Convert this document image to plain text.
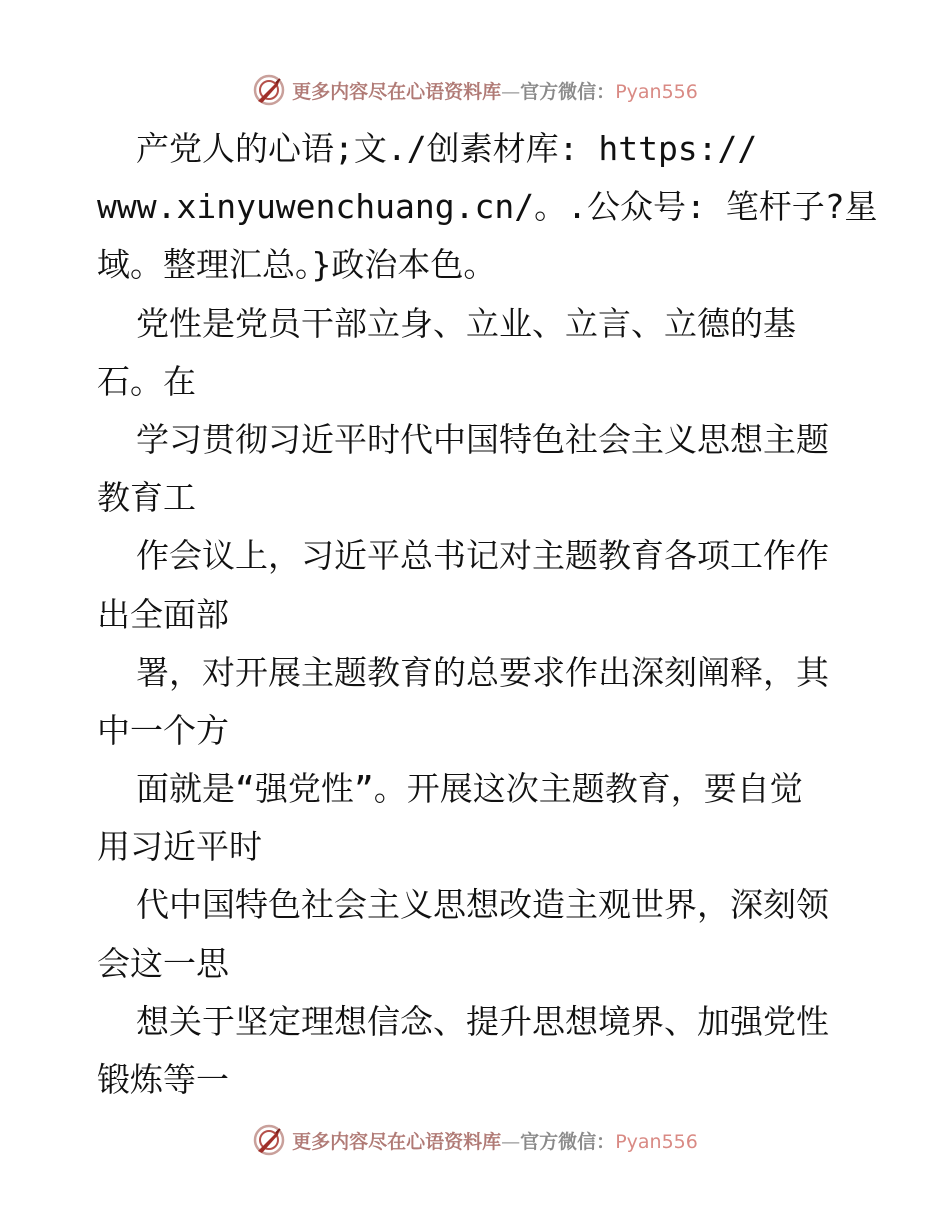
更多内容尽在心语资料库—官方微信：Pyan556
产党人的心语;文./创素材库: https://
www.xinyuwenchuang.cn/。.公众号: 笔杆子?星
域。整理汇总。}政治本色。
党性是党员干部立身、立业、立言、立德的基
石。在
学习贯彻习近平时代中国特色社会主义思想主题
教育工
作会议上，习近平总书记对主题教育各项工作作
出全面部
署，对开展主题教育的总要求作出深刻阐释，其
中一个方
面就是“强党性”。开展这次主题教育，要自觉
用习近平时
代中国特色社会主义思想改造主观世界，深刻领
会这一思
想关于坚定理想信念、提升思想境界、加强党性
锻炼等一
更多内容尽在心语资料库—官方微信：Pyan556
